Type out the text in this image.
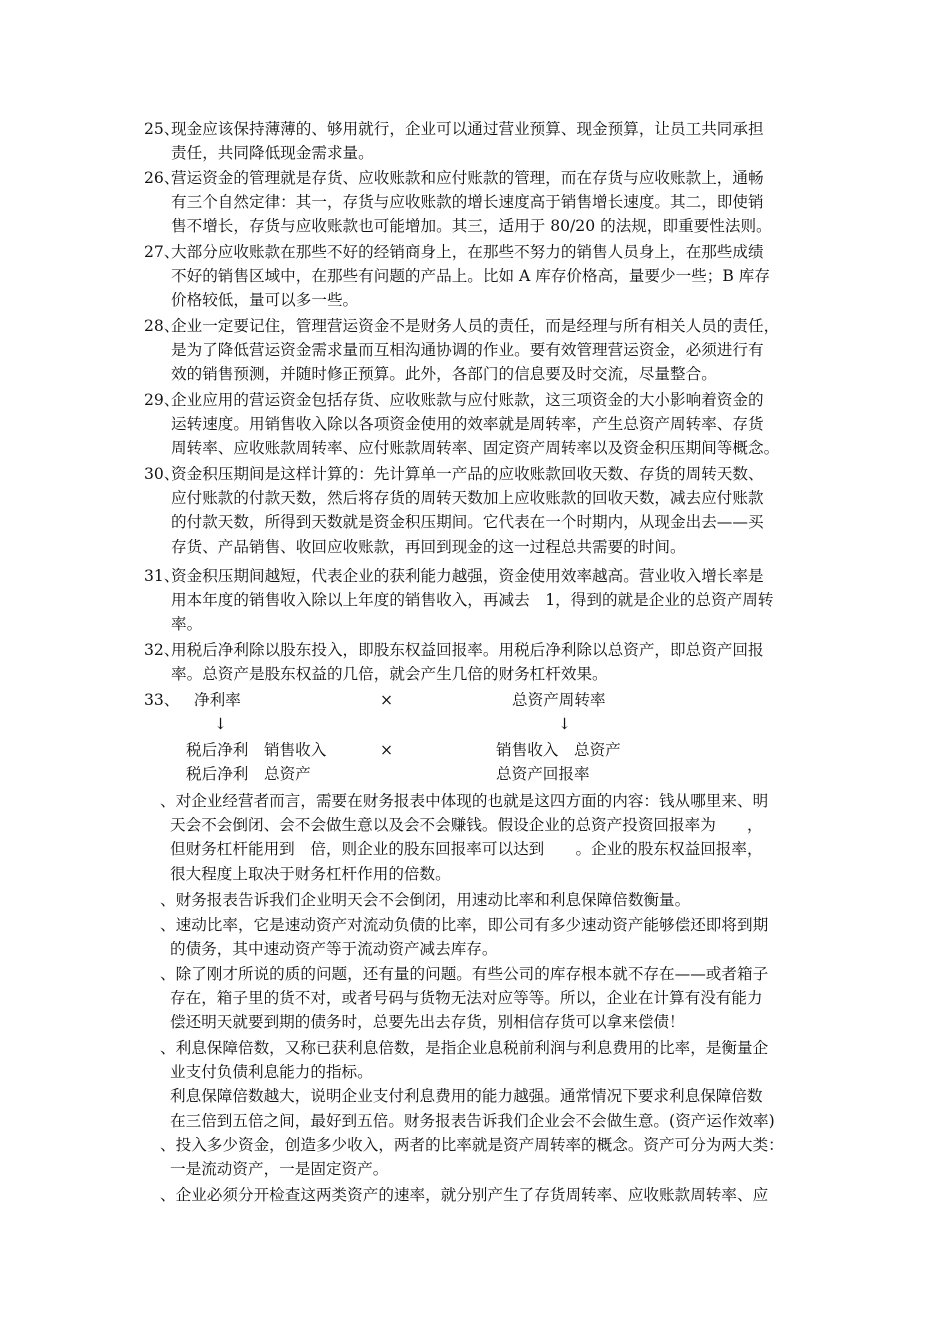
25、
现金应该保持薄薄的、够用就行，企业可以通过营业预算、现金预算，让员工共同承担
责任，共同降低现金需求量。
26、
营运资金的管理就是存货、应收账款和应付账款的管理，而在存货与应收账款上，通畅
有三个自然定律：其一，存货与应收账款的增长速度高于销售增长速度。其二，即使销
售不增长，存货与应收账款也可能增加。其三，适用于 80/20 的法规，即重要性法则。
27、
大部分应收账款在那些不好的经销商身上，在那些不努力的销售人员身上，在那些成绩
不好的销售区域中，在那些有问题的产品上。比如 A 库存价格高，量要少一些；B 库存
价格较低，量可以多一些。
28、
企业一定要记住，管理营运资金不是财务人员的责任，而是经理与所有相关人员的责任，
是为了降低营运资金需求量而互相沟通协调的作业。要有效管理营运资金，必须进行有
效的销售预测，并随时修正预算。此外，各部门的信息要及时交流，尽量整合。
29、
企业应用的营运资金包括存货、应收账款与应付账款，这三项资金的大小影响着资金的
运转速度。用销售收入除以各项资金使用的效率就是周转率，产生总资产周转率、存货
周转率、应收账款周转率、应付账款周转率、固定资产周转率以及资金积压期间等概念。
30、
资金积压期间是这样计算的：先计算单一产品的应收账款回收天数、存货的周转天数、
应付账款的付款天数，然后将存货的周转天数加上应收账款的回收天数，减去应付账款
的付款天数，所得到天数就是资金积压期间。它代表在一个时期内，从现金出去——买
存货、产品销售、收回应收账款，再回到现金的这一过程总共需要的时间。
31、
资金积压期间越短，代表企业的获利能力越强，资金使用效率越高。营业收入增长率是
用本年度的销售收入除以上年度的销售收入，再减去　1，得到的就是企业的总资产周转
率。
32、
用税后净利除以股东投入，即股东权益回报率。用税后净利除以总资产，即总资产回报
率。总资产是股东权益的几倍，就会产生几倍的财务杠杆效果。
33、 净利率	×	总资产周转率
↓	↓
税后净利　销售收入	×	销售收入　总资产
税后净利　总资产	总资产回报率
、对企业经营者而言，需要在财务报表中体现的也就是这四方面的内容：钱从哪里来、明
天会不会倒闭、会不会做生意以及会不会赚钱。假设企业的总资产投资回报率为　　，
但财务杠杆能用到　倍，则企业的股东回报率可以达到　　。企业的股东权益回报率，
很大程度上取决于财务杠杆作用的倍数。
、财务报表告诉我们企业明天会不会倒闭，用速动比率和利息保障倍数衡量。
、速动比率，它是速动资产对流动负债的比率，即公司有多少速动资产能够偿还即将到期
的债务，其中速动资产等于流动资产减去库存。
、除了刚才所说的质的问题，还有量的问题。有些公司的库存根本就不存在——或者箱子
存在，箱子里的货不对，或者号码与货物无法对应等等。所以，企业在计算有没有能力
偿还明天就要到期的债务时，总要先出去存货，别相信存货可以拿来偿债！
、利息保障倍数，又称已获利息倍数，是指企业息税前利润与利息费用的比率，是衡量企
业支付负债利息能力的指标。
利息保障倍数越大，说明企业支付利息费用的能力越强。通常情况下要求利息保障倍数
在三倍到五倍之间，最好到五倍。财务报表告诉我们企业会不会做生意。(资产运作效率)
、投入多少资金，创造多少收入，两者的比率就是资产周转率的概念。资产可分为两大类：
一是流动资产，一是固定资产。
、企业必须分开检查这两类资产的速率，就分别产生了存货周转率、应收账款周转率、应
